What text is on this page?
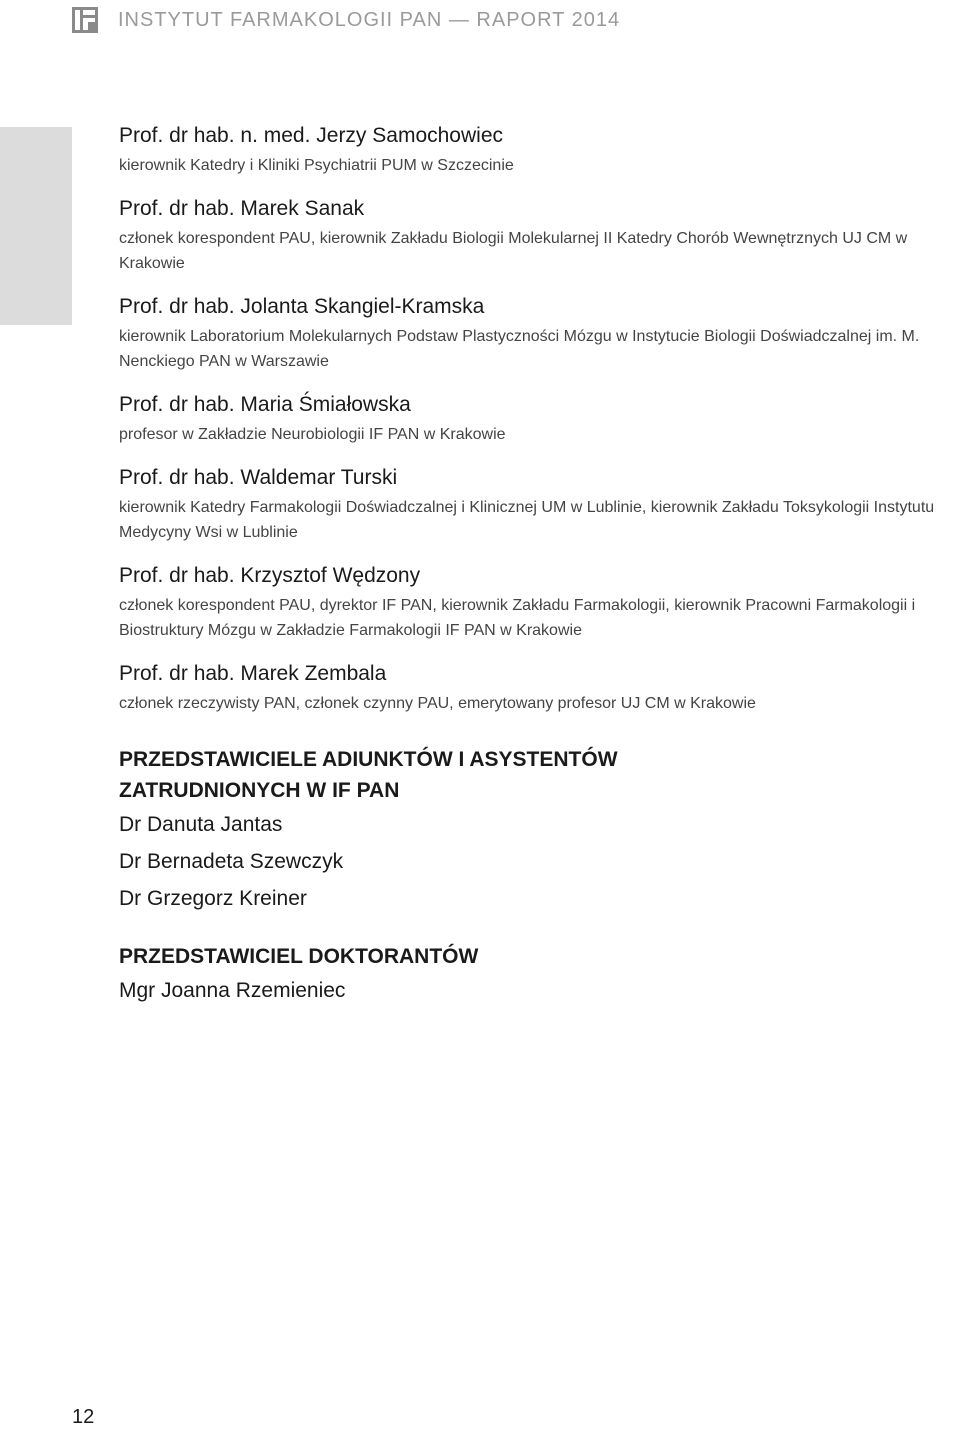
INSTYTUT FARMAKOLOGII PAN — RAPORT 2014
Prof. dr hab. n. med. Jerzy Samochowiec
kierownik Katedry i Kliniki Psychiatrii PUM w Szczecinie
Prof. dr hab. Marek Sanak
członek korespondent PAU, kierownik Zakładu Biologii Molekularnej II Katedry Chorób Wewnętrznych UJ CM w Krakowie
Prof. dr hab. Jolanta Skangiel-Kramska
kierownik Laboratorium Molekularnych Podstaw Plastyczności Mózgu w Instytucie Biologii Doświadczalnej im. M. Nenckiego PAN w Warszawie
Prof. dr hab. Maria Śmiałowska
profesor w Zakładzie Neurobiologii IF PAN w Krakowie
Prof. dr hab. Waldemar Turski
kierownik Katedry Farmakologii Doświadczalnej i Klinicznej UM w Lublinie, kierownik Zakładu Toksykologii Instytutu Medycyny Wsi w Lublinie
Prof. dr hab. Krzysztof Wędzony
członek korespondent PAU, dyrektor IF PAN, kierownik Zakładu Farmakologii, kierownik Pracowni Farmakologii i Biostruktury Mózgu w Zakładzie Farmakologii IF PAN w Krakowie
Prof. dr hab. Marek Zembala
członek rzeczywisty PAN, członek czynny PAU, emerytowany profesor UJ CM w Krakowie
PRZEDSTAWICIELE ADIUNKTÓW I ASYSTENTÓW
ZATRUDNIONYCH W IF PAN
Dr Danuta Jantas
Dr Bernadeta Szewczyk
Dr Grzegorz Kreiner
PRZEDSTAWICIEL DOKTORANTÓW
Mgr Joanna Rzemieniec
12
